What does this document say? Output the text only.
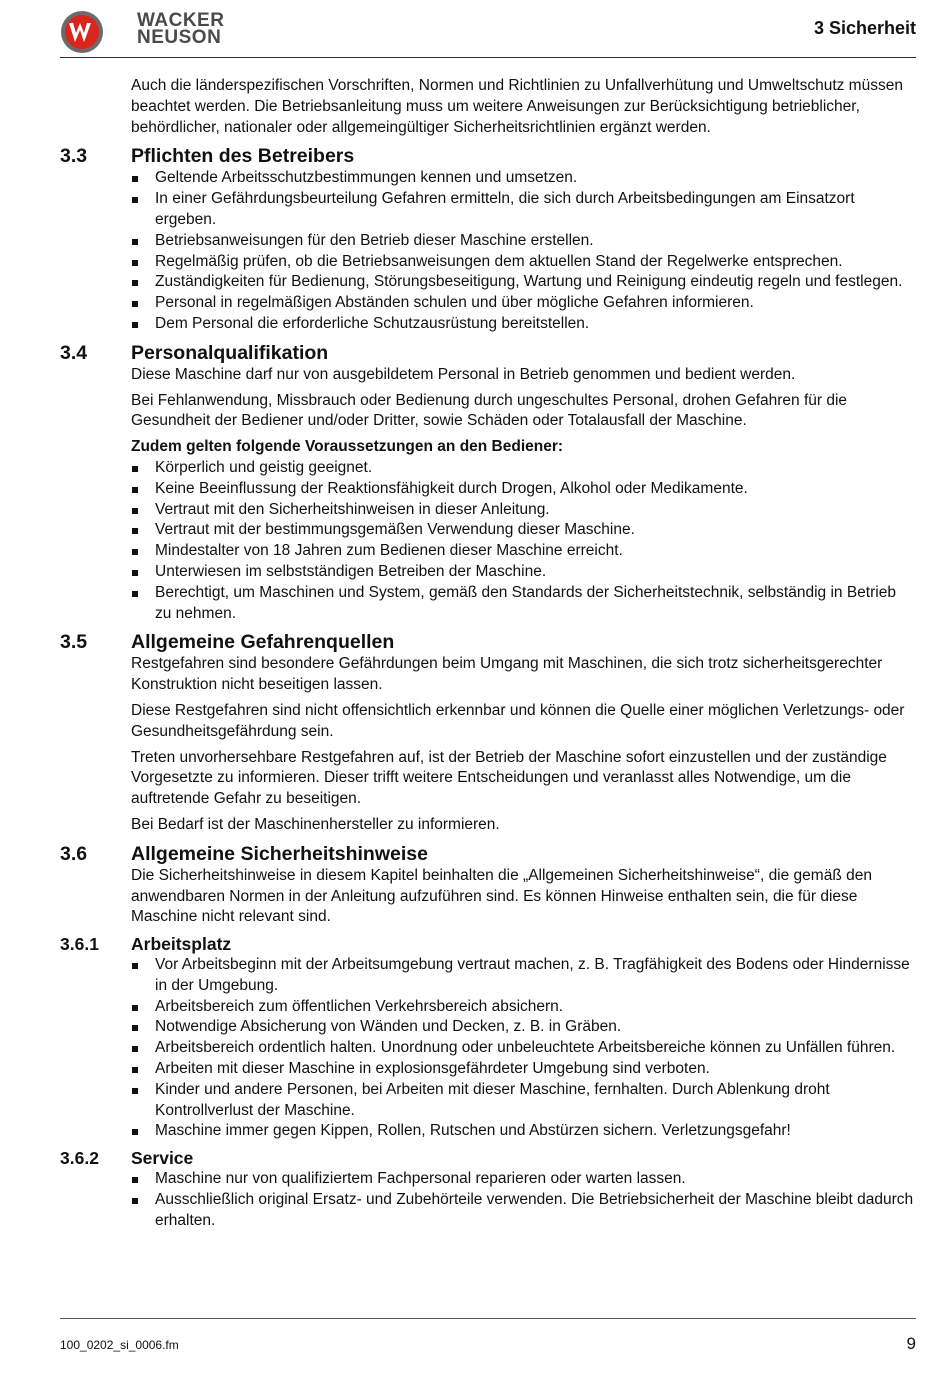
WACKER
NEUSON	3 Sicherheit
Auch die länderspezifischen Vorschriften, Normen und Richtlinien zu Unfallverhütung und Umweltschutz müssen beachtet werden. Die Betriebsanleitung muss um weitere Anweisungen zur Berücksichtigung betrieblicher, behördlicher, nationaler oder allgemeingültiger Sicherheitsrichtlinien ergänzt werden.
3.3	Pflichten des Betreibers
Geltende Arbeitsschutzbestimmungen kennen und umsetzen.
In einer Gefährdungsbeurteilung Gefahren ermitteln, die sich durch Arbeitsbedingungen am Einsatzort ergeben.
Betriebsanweisungen für den Betrieb dieser Maschine erstellen.
Regelmäßig prüfen, ob die Betriebsanweisungen dem aktuellen Stand der Regelwerke entsprechen.
Zuständigkeiten für Bedienung, Störungsbeseitigung, Wartung und Reinigung eindeutig regeln und festlegen.
Personal in regelmäßigen Abständen schulen und über mögliche Gefahren informieren.
Dem Personal die erforderliche Schutzausrüstung bereitstellen.
3.4	Personalqualifikation
Diese Maschine darf nur von ausgebildetem Personal in Betrieb genommen und bedient werden.
Bei Fehlanwendung, Missbrauch oder Bedienung durch ungeschultes Personal, drohen Gefahren für die Gesundheit der Bediener und/oder Dritter, sowie Schäden oder Totalausfall der Maschine.
Zudem gelten folgende Voraussetzungen an den Bediener:
Körperlich und geistig geeignet.
Keine Beeinflussung der Reaktionsfähigkeit durch Drogen, Alkohol oder Medikamente.
Vertraut mit den Sicherheitshinweisen in dieser Anleitung.
Vertraut mit der bestimmungsgemäßen Verwendung dieser Maschine.
Mindestalter von 18 Jahren zum Bedienen dieser Maschine erreicht.
Unterwiesen im selbstständigen Betreiben der Maschine.
Berechtigt, um Maschinen und System, gemäß den Standards der Sicherheitstechnik, selbständig in Betrieb zu nehmen.
3.5	Allgemeine Gefahrenquellen
Restgefahren sind besondere Gefährdungen beim Umgang mit Maschinen, die sich trotz sicherheitsgerechter Konstruktion nicht beseitigen lassen.
Diese Restgefahren sind nicht offensichtlich erkennbar und können die Quelle einer möglichen Verletzungs- oder Gesundheitsgefährdung sein.
Treten unvorhersehbare Restgefahren auf, ist der Betrieb der Maschine sofort einzustellen und der zuständige Vorgesetzte zu informieren. Dieser trifft weitere Entscheidungen und veranlasst alles Notwendige, um die auftretende Gefahr zu beseitigen.
Bei Bedarf ist der Maschinenhersteller zu informieren.
3.6	Allgemeine Sicherheitshinweise
Die Sicherheitshinweise in diesem Kapitel beinhalten die „Allgemeinen Sicherheitshinweise“, die gemäß den anwendbaren Normen in der Anleitung aufzuführen sind. Es können Hinweise enthalten sein, die für diese Maschine nicht relevant sind.
3.6.1	Arbeitsplatz
Vor Arbeitsbeginn mit der Arbeitsumgebung vertraut machen, z. B. Tragfähigkeit des Bodens oder Hindernisse in der Umgebung.
Arbeitsbereich zum öffentlichen Verkehrsbereich absichern.
Notwendige Absicherung von Wänden und Decken, z. B. in Gräben.
Arbeitsbereich ordentlich halten. Unordnung oder unbeleuchtete Arbeitsbereiche können zu Unfällen führen.
Arbeiten mit dieser Maschine in explosionsgefährdeter Umgebung sind verboten.
Kinder und andere Personen, bei Arbeiten mit dieser Maschine, fernhalten. Durch Ablenkung droht Kontrollverlust der Maschine.
Maschine immer gegen Kippen, Rollen, Rutschen und Abstürzen sichern. Verletzungsgefahr!
3.6.2	Service
Maschine nur von qualifiziertem Fachpersonal reparieren oder warten lassen.
Ausschließlich original Ersatz- und Zubehörteile verwenden. Die Betriebsicherheit der Maschine bleibt dadurch erhalten.
100_0202_si_0006.fm	9
